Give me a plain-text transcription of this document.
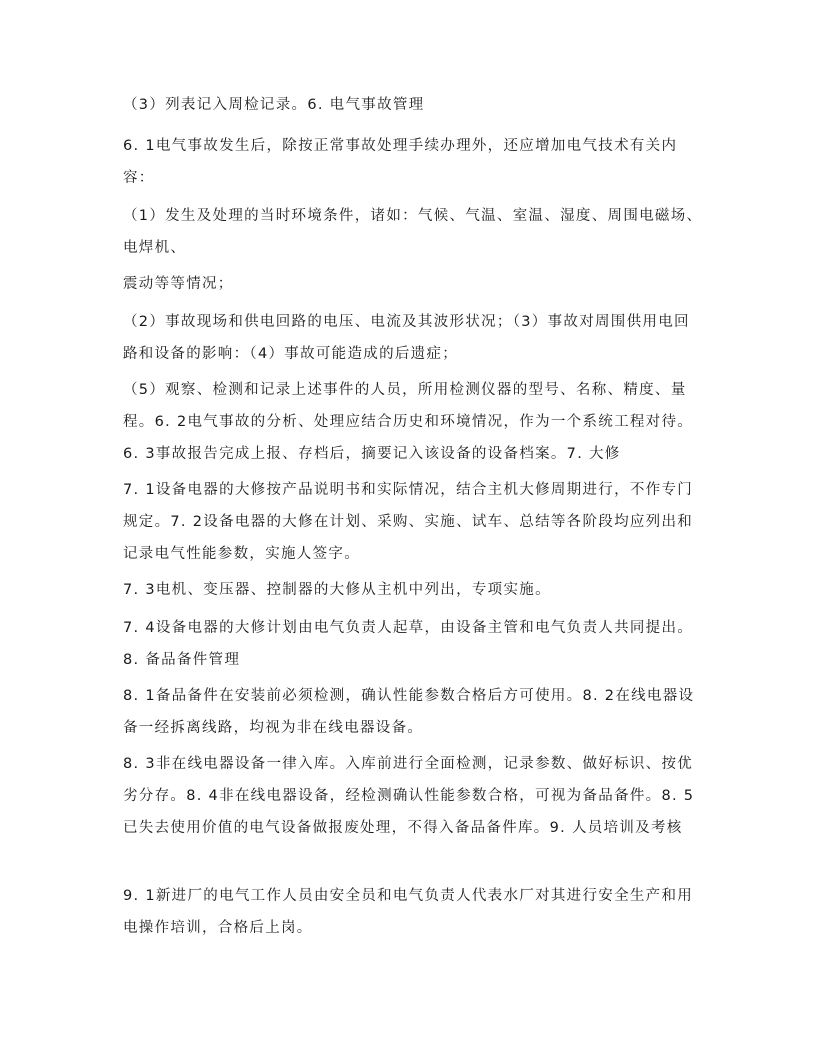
（3）列表记入周检记录。6. 电气事故管理

6. 1电气事故发生后，除按正常事故处理手续办理外，还应增加电气技术有关内容：

（1）发生及处理的当时环境条件，诸如：气候、气温、室温、湿度、周围电磁场、电焊机、

震动等等情况；

（2）事故现场和供电回路的电压、电流及其波形状况；（3）事故对周围供用电回路和设备的影响：（4）事故可能造成的后遗症；

（5）观察、检测和记录上述事件的人员，所用检测仪器的型号、名称、精度、量程。6. 2电气事故的分析、处理应结合历史和环境情况，作为一个系统工程对待。6. 3事故报告完成上报、存档后，摘要记入该设备的设备档案。7. 大修

7. 1设备电器的大修按产品说明书和实际情况，结合主机大修周期进行，不作专门规定。7. 2设备电器的大修在计划、采购、实施、试车、总结等各阶段均应列出和记录电气性能参数，实施人签字。

7. 3电机、变压器、控制器的大修从主机中列出，专项实施。

7. 4设备电器的大修计划由电气负责人起草，由设备主管和电气负责人共同提出。8. 备品备件管理

8. 1备品备件在安装前必须检测，确认性能参数合格后方可使用。8. 2在线电器设备一经拆离线路，均视为非在线电器设备。

8. 3非在线电器设备一律入库。入库前进行全面检测，记录参数、做好标识、按优劣分存。8. 4非在线电器设备，经检测确认性能参数合格，可视为备品备件。8. 5已失去使用价值的电气设备做报废处理，不得入备品备件库。9. 人员培训及考核

9. 1新进厂的电气工作人员由安全员和电气负责人代表水厂对其进行安全生产和用电操作培训，合格后上岗。
